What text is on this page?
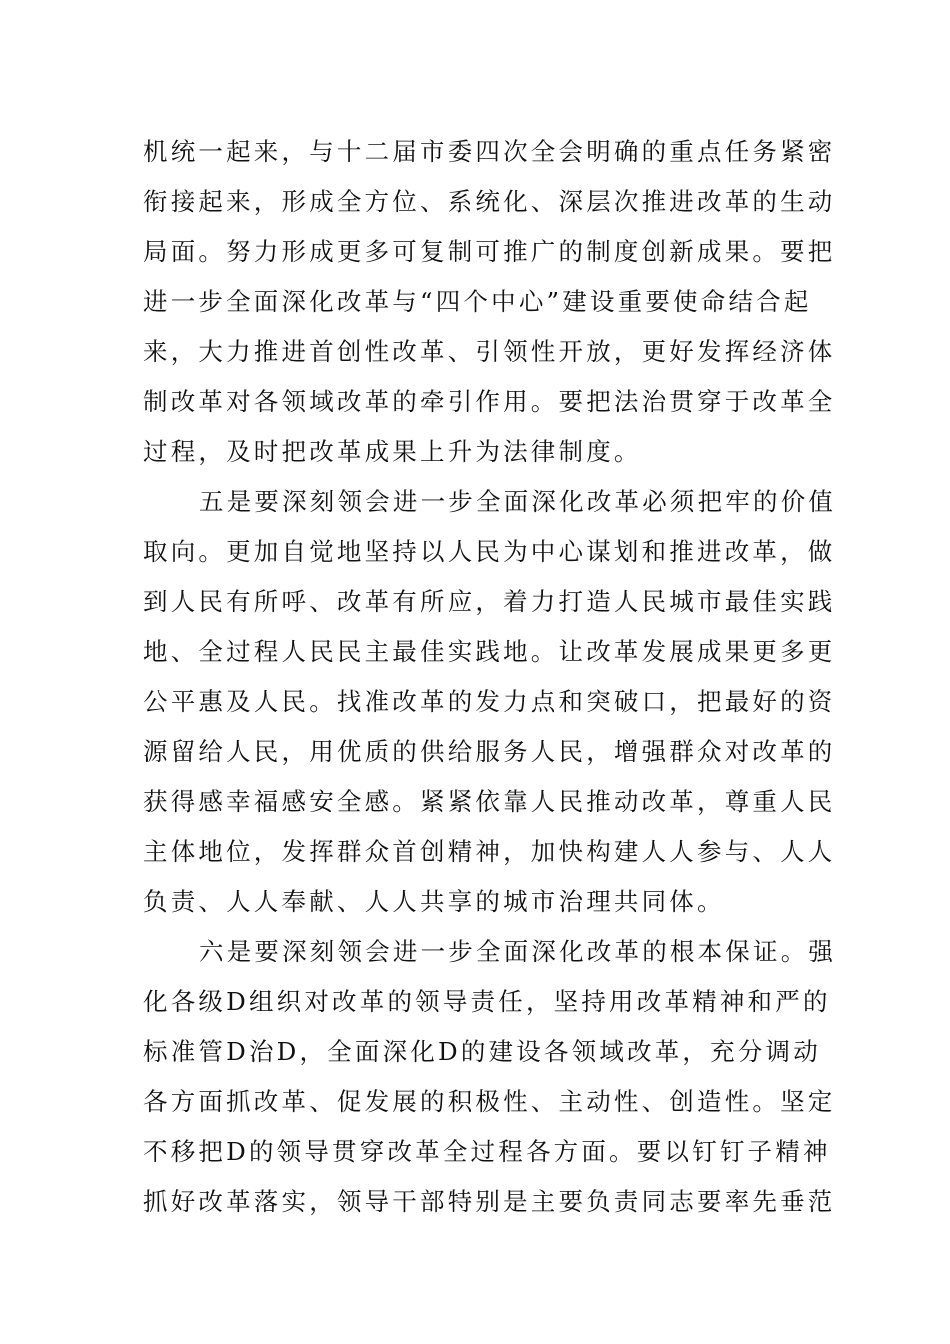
机统一起来，与十二届市委四次全会明确的重点任务紧密
衔接起来，形成全方位、系统化、深层次推进改革的生动
局面。努力形成更多可复制可推广的制度创新成果。要把
进一步全面深化改革与“四个中心”建设重要使命结合起
来，大力推进首创性改革、引领性开放，更好发挥经济体
制改革对各领域改革的牵引作用。要把法治贯穿于改革全
过程，及时把改革成果上升为法律制度。
五是要深刻领会进一步全面深化改革必须把牢的价值
取向。更加自觉地坚持以人民为中心谋划和推进改革，做
到人民有所呼、改革有所应，着力打造人民城市最佳实践
地、全过程人民民主最佳实践地。让改革发展成果更多更
公平惠及人民。找准改革的发力点和突破口，把最好的资
源留给人民，用优质的供给服务人民，增强群众对改革的
获得感幸福感安全感。紧紧依靠人民推动改革，尊重人民
主体地位，发挥群众首创精神，加快构建人人参与、人人
负责、人人奉献、人人共享的城市治理共同体。
六是要深刻领会进一步全面深化改革的根本保证。强
化各级D组织对改革的领导责任，坚持用改革精神和严的
标准管D治D，全面深化D的建设各领域改革，充分调动
各方面抓改革、促发展的积极性、主动性、创造性。坚定
不移把D的领导贯穿改革全过程各方面。要以钉钉子精神
抓好改革落实，领导干部特别是主要负责同志要率先垂范
